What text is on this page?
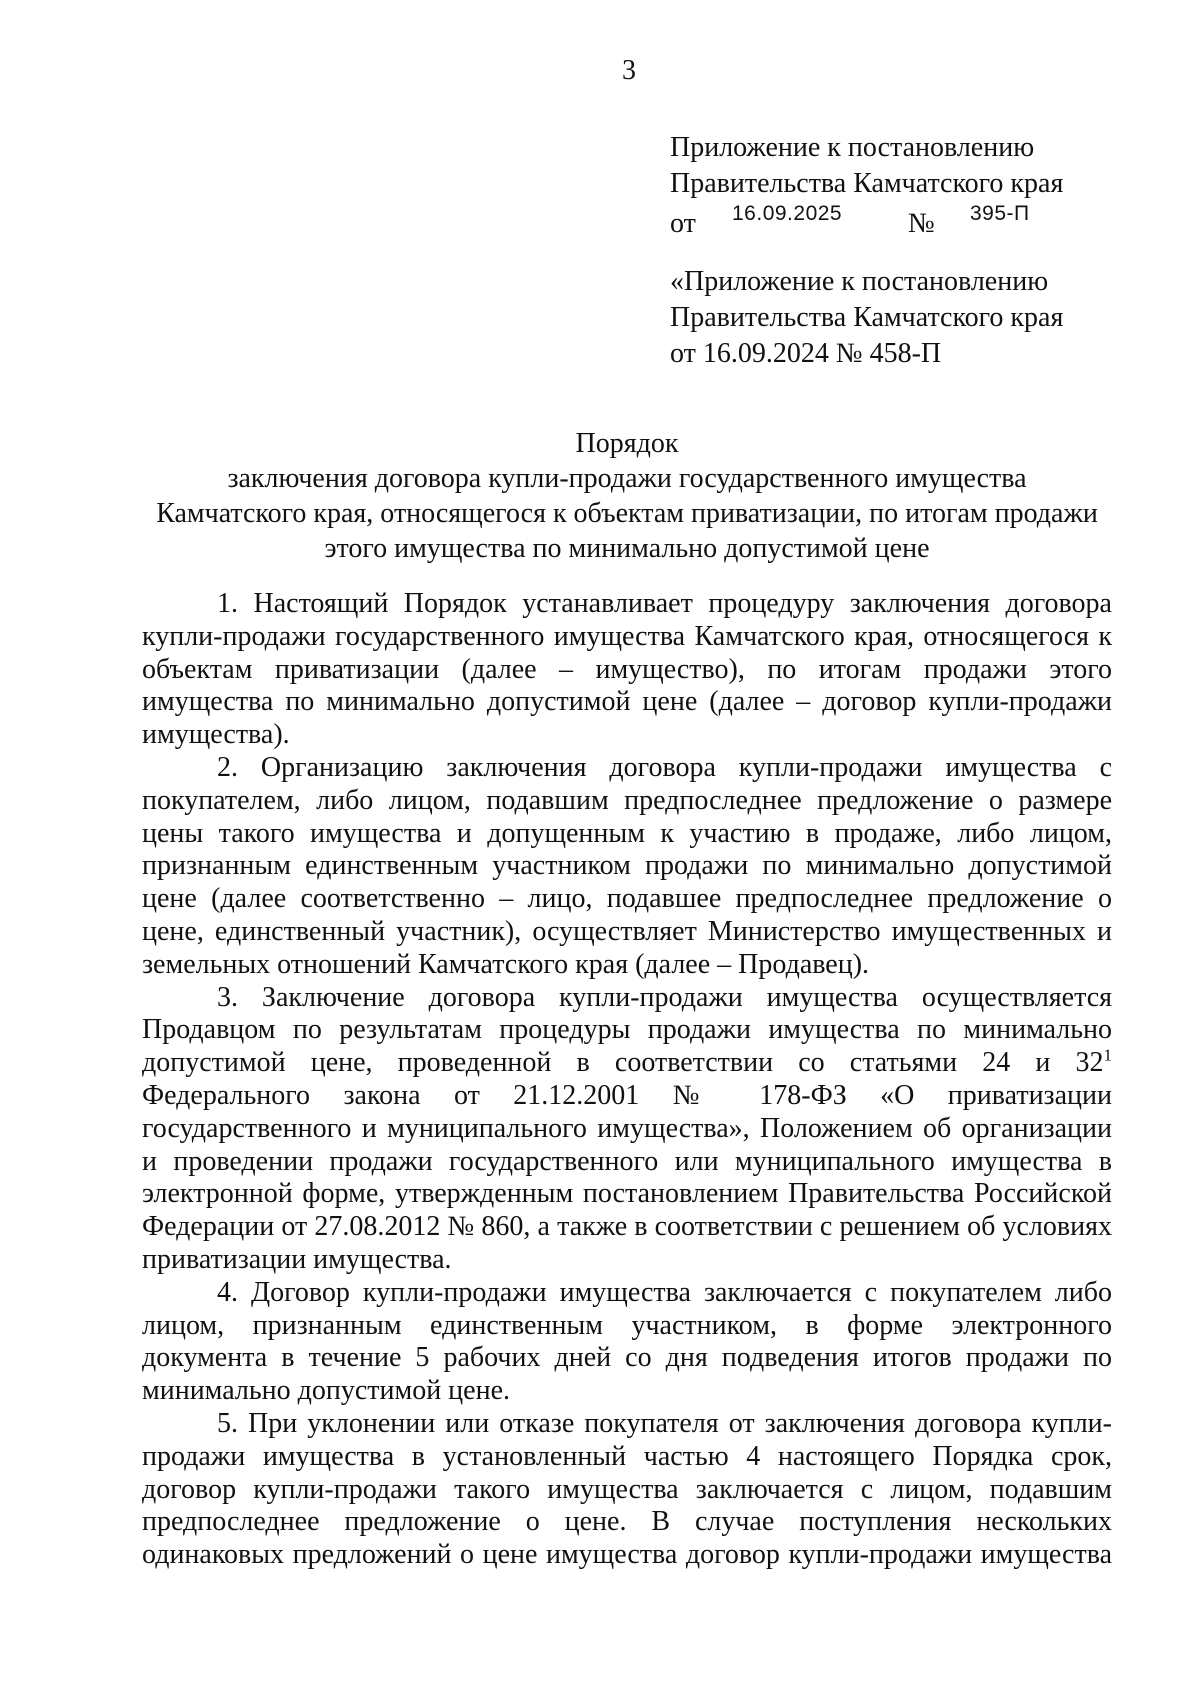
3
Приложение к постановлению
Правительства Камчатского края
от 16.09.2025 № 395-П
«Приложение к постановлению
Правительства Камчатского края
от 16.09.2024 № 458-П
Порядок
заключения договора купли-продажи государственного имущества
Камчатского края, относящегося к объектам приватизации, по итогам продажи
этого имущества по минимально допустимой цене

1. Настоящий Порядок устанавливает процедуру заключения договора купли-продажи государственного имущества Камчатского края, относящегося к объектам приватизации (далее – имущество), по итогам продажи этого имущества по минимально допустимой цене (далее – договор купли-продажи имущества).

2. Организацию заключения договора купли-продажи имущества с покупателем, либо лицом, подавшим предпоследнее предложение о размере цены такого имущества и допущенным к участию в продаже, либо лицом, признанным единственным участником продажи по минимально допустимой цене (далее соответственно – лицо, подавшее предпоследнее предложение о цене, единственный участник), осуществляет Министерство имущественных и земельных отношений Камчатского края (далее – Продавец).

3. Заключение договора купли-продажи имущества осуществляется Продавцом по результатам процедуры продажи имущества по минимально допустимой цене, проведенной в соответствии со статьями 24 и $32^1$ Федерального закона от 21.12.2001 № 178-ФЗ «О приватизации государственного и муниципального имущества», Положением об организации и проведении продажи государственного или муниципального имущества в электронной форме, утвержденным постановлением Правительства Российской Федерации от 27.08.2012 № 860, а также в соответствии с решением об условиях приватизации имущества.

4. Договор купли-продажи имущества заключается с покупателем либо лицом, признанным единственным участником, в форме электронного документа в течение 5 рабочих дней со дня подведения итогов продажи по минимально допустимой цене.

5. При уклонении или отказе покупателя от заключения договора купли-продажи имущества в установленный частью 4 настоящего Порядка срок, договор купли-продажи такого имущества заключается с лицом, подавшим предпоследнее предложение о цене. В случае поступления нескольких одинаковых предложений о цене имущества договор купли-продажи имущества
